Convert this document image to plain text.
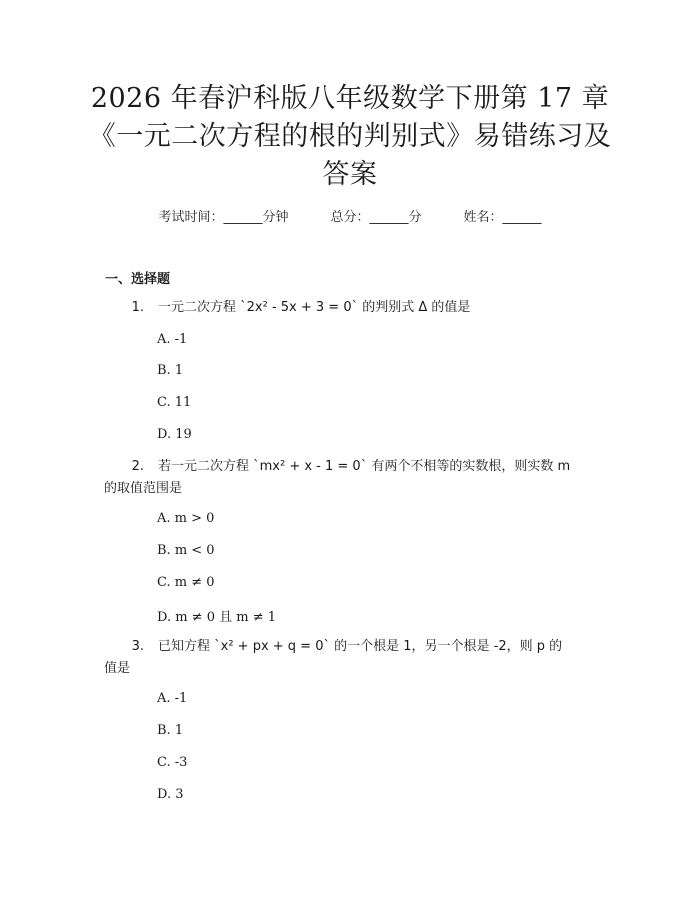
2026 年春沪科版八年级数学下册第 17 章
《一元二次方程的根的判别式》易错练习及
答案
考试时间：______分钟	总分：______分	姓名：______
一、选择题
1. 一元二次方程 `2x² - 5x + 3 = 0` 的判别式 Δ 的值是
A. -1
B. 1
C. 11
D. 19
2. 若一元二次方程 `mx² + x - 1 = 0` 有两个不相等的实数根，则实数 m
的取值范围是
A. m > 0
B. m < 0
C. m ≠ 0
D. m ≠ 0 且 m ≠ 1
3. 已知方程 `x² + px + q = 0` 的一个根是 1，另一个根是 -2，则 p 的
值是
A. -1
B. 1
C. -3
D. 3
